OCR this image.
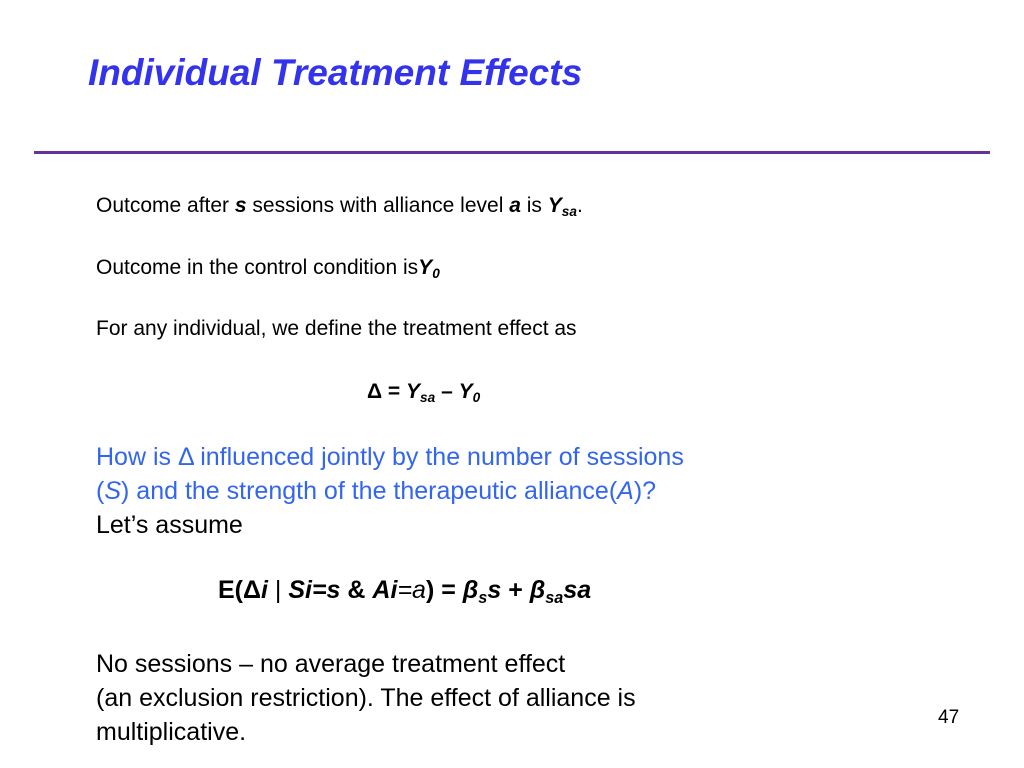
Individual Treatment Effects

Outcome after s sessions with alliance level a is $Y_{sa}$.

Outcome in the control condition isY$_0$

For any individual, we define the treatment effect as

$\Delta = Y_{sa} - Y_0$

How is Δ influenced jointly by the number of sessions

(S) and the strength of the therapeutic alliance(A)?

Let’s assume

E(Δi | Si=s & $Ai=a) = \beta_ss + \beta_{sa}sa$

No sessions – no average treatment effect

(an exclusion restriction). The effect of alliance is

multiplicative.

47
